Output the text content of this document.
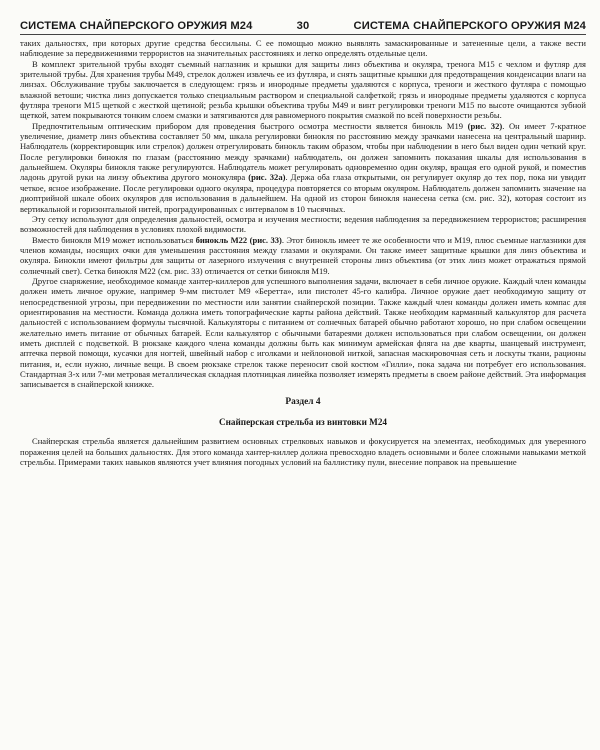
СИСТЕМА СНАЙПЕРСКОГО ОРУЖИЯ М24	30	СИСТЕМА СНАЙПЕРСКОГО ОРУЖИЯ М24

таких дальностях, при которых другие средства бессильны. С ее помощью можно выявлять замаскированные и затененные цели, а также вести наблюдение за передвижениями террористов на значительных расстояниях и легко определять отдельные цели.

В комплект зрительной трубы входят съемный наглазник и крышки для защиты линз объектива и окуляра, тренога М15 с чехлом и футляр для зрительной трубы. Для хранения трубы М49, стрелок должен извлечь ее из футляра, и снять защитные крышки для предотвращения конденсации влаги на линзах. Обслуживание трубы заключается в следующем: грязь и инородные предметы удаляются с корпуса, треноги и жесткого футляра с помощью влажной ветоши; чистка линз допускается только специальным раствором и специальной салфеткой; грязь и инородные предметы удаляются с корпуса футляра треноги М15 щеткой с жесткой щетиной; резьба крышки объектива трубы М49 и винт регулировки треноги М15 по высоте очищаются зубной щеткой, затем покрываются тонким слоем смазки и затягиваются для равномерного покрытия смазкой по всей поверхности резьбы.

Предпочтительным оптическим прибором для проведения быстрого осмотра местности является бинокль М19 (рис. 32). Он имеет 7-кратное увеличение, диаметр линз объектива составляет 50 мм, шкала регулировки бинокля по расстоянию между зрачками нанесена на центральный шарнир. Наблюдатель (корректировщик или стрелок) должен отрегулировать бинокль таким образом, чтобы при наблюдении в него был виден один четкий круг. После регулировки бинокля по глазам (расстоянию между зрачками) наблюдатель, он должен запомнить показания шкалы для использования в дальнейшем. Окуляры бинокля также регулируются. Наблюдатель может регулировать одновременно один окуляр, вращая его одной рукой, и поместив ладонь другой руки на линзу объектива другого монокуляра (рис. 32а). Держа оба глаза открытыми, он регулирует окуляр до тех пор, пока ни увидит четкое, ясное изображение. После регулировки одного окуляра, процедура повторяется со вторым окуляром. Наблюдатель должен запомнить значение на диоптрийной шкале обоих окуляров для использования в дальнейшем. На одной из сторон бинокля нанесена сетка (см. рис. 32), которая состоит из вертикальной и горизонтальной нитей, проградуированных с интервалом в 10 тысячных.

Эту сетку используют для определения дальностей, осмотра и изучения местности; ведения наблюдения за передвижением террористов; расширения возможностей для наблюдения в условиях плохой видимости.

Вместо бинокля М19 может использоваться бинокль М22 (рис. 33). Этот бинокль имеет те же особенности что и М19, плюс съемные наглазники для членов команды, носящих очки для уменьшения расстояния между глазами и окулярами. Он также имеет защитные крышки для линз объектива и окуляра. Бинокли имеют фильтры для защиты от лазерного излучения с внутренней стороны линз объектива (от этих линз может отражаться прямой солнечный свет). Сетка бинокля М22 (см. рис. 33) отличается от сетки бинокля М19.

Другое снаряжение, необходимое команде хантер-киллеров для успешного выполнения задачи, включает в себя личное оружие. Каждый член команды должен иметь личное оружие, например 9-мм пистолет М9 «Беретта», или пистолет 45-го калибра. Личное оружие дает необходимую защиту от непосредственной угрозы, при передвижении по местности или занятии снайперской позиции. Также каждый член команды должен иметь компас для ориентирования на местности. Команда должна иметь топографические карты района действий. Также необходим карманный калькулятор для расчета дальностей с использованием формулы тысячной. Калькуляторы с питанием от солнечных батарей обычно работают хорошо, но при слабом освещении желательно иметь питание от обычных батарей. Если калькулятор с обычными батареями должен использоваться при слабом освещении, он должен иметь дисплей с подсветкой. В рюкзаке каждого члена команды должны быть как минимум армейская фляга на две кварты, шанцевый инструмент, аптечка первой помощи, кусачки для ногтей, швейный набор с иголками и нейлоновой ниткой, запасная маскировочная сеть и лоскуты ткани, рационы питания, и, если нужно, личные вещи. В своем рюкзаке стрелок также переносит свой костюм «Гилли», пока задача ни потребует его использования. Стандартная 3-х или 7-ми метровая металлическая складная плотницкая линейка позволяет измерять предметы в своем районе действий. Эта информация записывается в снайперской книжке.

Раздел 4
Снайперская стрельба из винтовки М24

Снайперская стрельба является дальнейшим развитием основных стрелковых навыков и фокусируется на элементах, необходимых для уверенного поражения целей на больших дальностях. Для этого команда хантер-киллер должна превосходно владеть основными и более сложными навыками меткой стрельбы. Примерами таких навыков являются учет влияния погодных условий на баллистику пули, внесение поправок на превышение
